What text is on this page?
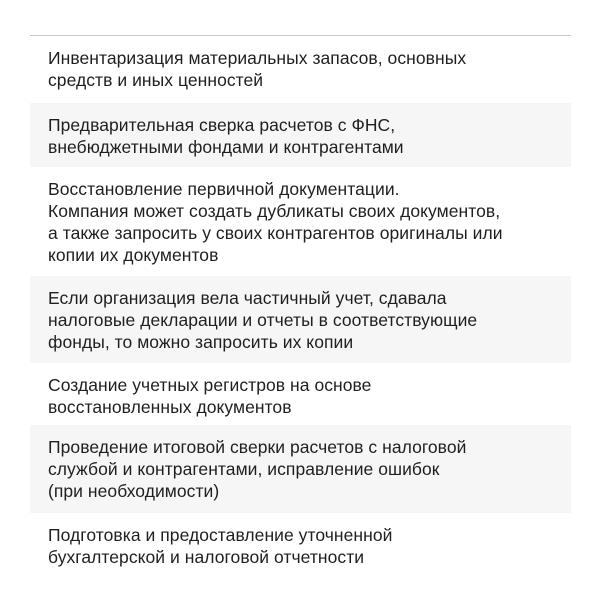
Инвентаризация материальных запасов, основных
средств и иных ценностей
Предварительная сверка расчетов с ФНС,
внебюджетными фондами и контрагентами
Восстановление первичной документации.
Компания может создать дубликаты своих документов,
а также запросить у своих контрагентов оригиналы или
копии их документов
Если организация вела частичный учет, сдавала
налоговые декларации и отчеты в соответствующие
фонды, то можно запросить их копии
Создание учетных регистров на основе
восстановленных документов
Проведение итоговой сверки расчетов с налоговой
службой и контрагентами, исправление ошибок
(при необходимости)
Подготовка и предоставление уточненной
бухгалтерской и налоговой отчетности
